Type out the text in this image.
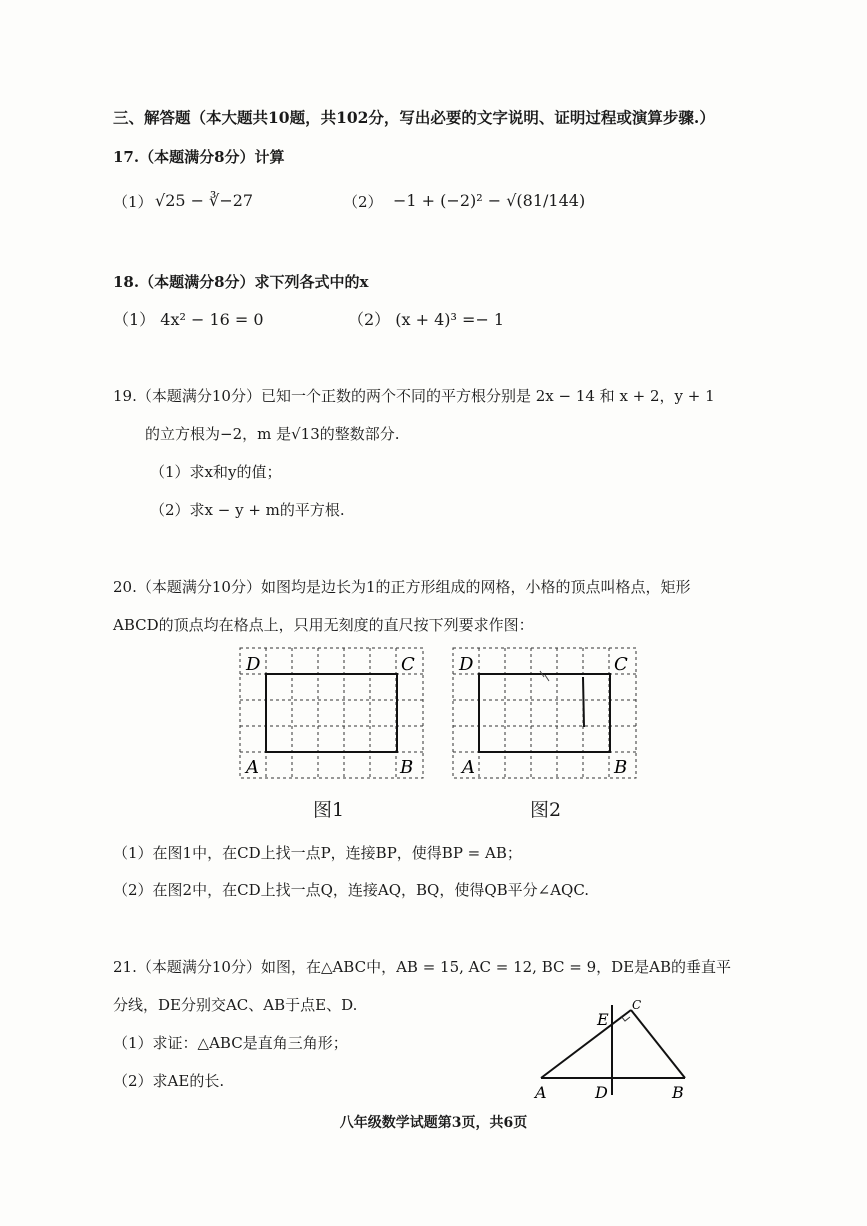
三、解答题（本大题共10题，共102分，写出必要的文字说明、证明过程或演算步骤.）
17.（本题满分8分）计算
（1） √25 − ∛−27	（2） −1 + (−2)² − √(81/144)
18.（本题满分8分）求下列各式中的x
（1） 4x² − 16 = 0	（2） (x + 4)³ =− 1
19.（本题满分10分）已知一个正数的两个不同的平方根分别是 2x − 14 和 x + 2，y + 1
的立方根为−2，m 是√13的整数部分.
（1）求x和y的值；
（2）求x − y + m的平方根.
20.（本题满分10分）如图均是边长为1的正方形组成的网格，小格的顶点叫格点，矩形
ABCD的顶点均在格点上，只用无刻度的直尺按下列要求作图：
D	C
A	B
图1
D	C
A	B
图2
（1）在图1中，在CD上找一点P，连接BP，使得BP = AB；
（2）在图2中，在CD上找一点Q，连接AQ，BQ，使得QB平分∠AQC.
21.（本题满分10分）如图，在△ABC中，AB = 15, AC = 12, BC = 9，DE是AB的垂直平
分线，DE分别交AC、AB于点E、D.
（1）求证：△ABC是直角三角形；
（2）求AE的长.
E
C
A	D	B
八年级数学试题第3页，共6页
